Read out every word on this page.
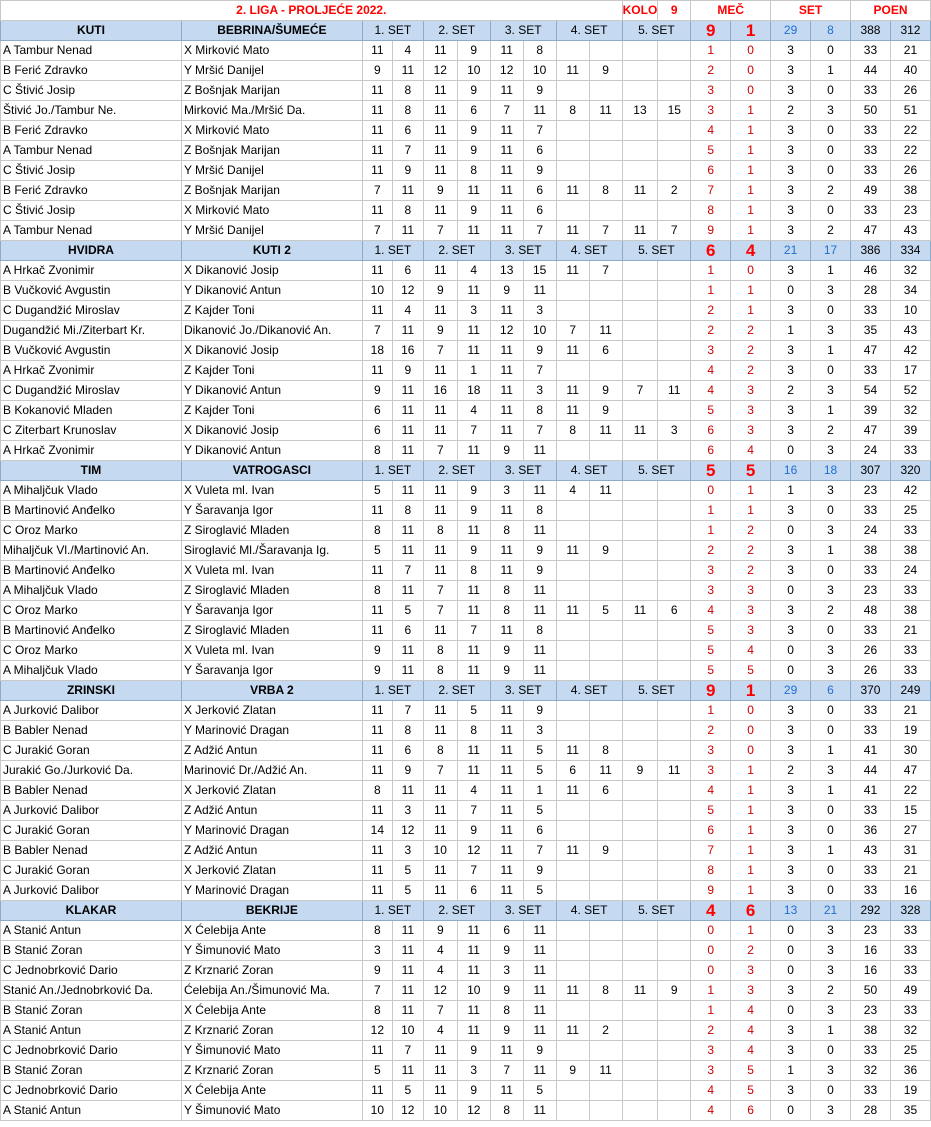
2. LIGA - PROLJEĆE 2022.										KOLO	9	MEČ		SET		POEN	
KUTI	BEBRINA/ŠUMEĆE	1. SET		2. SET		3. SET		4. SET		5. SET		9	1	29	8	388	312
A Tambur Nenad	X Mirković Mato	11	4	11	9	11	8					1	0	3	0	33	21
B Ferić Zdravko	Y Mršić Danijel	9	11	12	10	12	10	11	9			2	0	3	1	44	40
C Štivić Josip	Z Bošnjak Marijan	11	8	11	9	11	9					3	0	3	0	33	26
Štivić Jo./Tambur Ne.	Mirković Ma./Mršić Da.	11	8	11	6	7	11	8	11	13	15	3	1	2	3	50	51
B Ferić Zdravko	X Mirković Mato	11	6	11	9	11	7					4	1	3	0	33	22
A Tambur Nenad	Z Bošnjak Marijan	11	7	11	9	11	6					5	1	3	0	33	22
C Štivić Josip	Y Mršić Danijel	11	9	11	8	11	9					6	1	3	0	33	26
B Ferić Zdravko	Z Bošnjak Marijan	7	11	9	11	11	6	11	8	11	2	7	1	3	2	49	38
C Štivić Josip	X Mirković Mato	11	8	11	9	11	6					8	1	3	0	33	23
A Tambur Nenad	Y Mršić Danijel	7	11	7	11	11	7	11	7	11	7	9	1	3	2	47	43
HVIDRA	KUTI 2	1. SET		2. SET		3. SET		4. SET		5. SET		6	4	21	17	386	334
A Hrkač Zvonimir	X Dikanović Josip	11	6	11	4	13	15	11	7			1	0	3	1	46	32
B Vučković Avgustin	Y Dikanović Antun	10	12	9	11	9	11					1	1	0	3	28	34
C Dugandžić Miroslav	Z Kajder Toni	11	4	11	3	11	3					2	1	3	0	33	10
Dugandžić Mi./Ziterbart Kr.	Dikanović Jo./Dikanović An.	7	11	9	11	12	10	7	11			2	2	1	3	35	43
B Vučković Avgustin	X Dikanović Josip	18	16	7	11	11	9	11	6			3	2	3	1	47	42
A Hrkač Zvonimir	Z Kajder Toni	11	9	11	1	11	7					4	2	3	0	33	17
C Dugandžić Miroslav	Y Dikanović Antun	9	11	16	18	11	3	11	9	7	11	4	3	2	3	54	52
B Kokanović Mladen	Z Kajder Toni	6	11	11	4	11	8	11	9			5	3	3	1	39	32
C Ziterbart Krunoslav	X Dikanović Josip	6	11	11	7	11	7	8	11	11	3	6	3	3	2	47	39
A Hrkač Zvonimir	Y Dikanović Antun	8	11	7	11	9	11					6	4	0	3	24	33
TIM	VATROGASCI	1. SET		2. SET		3. SET		4. SET		5. SET		5	5	16	18	307	320
A Mihaljčuk Vlado	X Vuleta ml. Ivan	5	11	11	9	3	11	4	11			0	1	1	3	23	42
B Martinović Anđelko	Y Šaravanja Igor	11	8	11	9	11	8					1	1	3	0	33	25
C Oroz Marko	Z Siroglavić Mladen	8	11	8	11	8	11					1	2	0	3	24	33
Mihaljčuk Vl./Martinović An.	Siroglavić Ml./Šaravanja Ig.	5	11	11	9	11	9	11	9			2	2	3	1	38	38
B Martinović Anđelko	X Vuleta ml. Ivan	11	7	11	8	11	9					3	2	3	0	33	24
A Mihaljčuk Vlado	Z Siroglavić Mladen	8	11	7	11	8	11					3	3	0	3	23	33
C Oroz Marko	Y Šaravanja Igor	11	5	7	11	8	11	11	5	11	6	4	3	3	2	48	38
B Martinović Anđelko	Z Siroglavić Mladen	11	6	11	7	11	8					5	3	3	0	33	21
C Oroz Marko	X Vuleta ml. Ivan	9	11	8	11	9	11					5	4	0	3	26	33
A Mihaljčuk Vlado	Y Šaravanja Igor	9	11	8	11	9	11					5	5	0	3	26	33
ZRINSKI	VRBA 2	1. SET		2. SET		3. SET		4. SET		5. SET		9	1	29	6	370	249
A Jurković Dalibor	X Jerković Zlatan	11	7	11	5	11	9					1	0	3	0	33	21
B Babler Nenad	Y Marinović Dragan	11	8	11	8	11	3					2	0	3	0	33	19
C Jurakić Goran	Z Adžić Antun	11	6	8	11	11	5	11	8			3	0	3	1	41	30
Jurakić Go./Jurković Da.	Marinović Dr./Adžić An.	11	9	7	11	11	5	6	11	9	11	3	1	2	3	44	47
B Babler Nenad	X Jerković Zlatan	8	11	11	4	11	1	11	6			4	1	3	1	41	22
A Jurković Dalibor	Z Adžić Antun	11	3	11	7	11	5					5	1	3	0	33	15
C Jurakić Goran	Y Marinović Dragan	14	12	11	9	11	6					6	1	3	0	36	27
B Babler Nenad	Z Adžić Antun	11	3	10	12	11	7	11	9			7	1	3	1	43	31
C Jurakić Goran	X Jerković Zlatan	11	5	11	7	11	9					8	1	3	0	33	21
A Jurković Dalibor	Y Marinović Dragan	11	5	11	6	11	5					9	1	3	0	33	16
KLAKAR	BEKRIJE	1. SET		2. SET		3. SET		4. SET		5. SET		4	6	13	21	292	328
A Stanić Antun	X Ćelebija Ante	8	11	9	11	6	11					0	1	0	3	23	33
B Stanić Zoran	Y Šimunović Mato	3	11	4	11	9	11					0	2	0	3	16	33
C Jednobrković Dario	Z Krznarić Zoran	9	11	4	11	3	11					0	3	0	3	16	33
Stanić An./Jednobrković Da.	Ćelebija An./Šimunović Ma.	7	11	12	10	9	11	11	8	11	9	1	3	3	2	50	49
B Stanić Zoran	X Ćelebija Ante	8	11	7	11	8	11					1	4	0	3	23	33
A Stanić Antun	Z Krznarić Zoran	12	10	4	11	9	11	11	2			2	4	3	1	38	32
C Jednobrković Dario	Y Šimunović Mato	11	7	11	9	11	9					3	4	3	0	33	25
B Stanić Zoran	Z Krznarić Zoran	5	11	11	3	7	11	9	11			3	5	1	3	32	36
C Jednobrković Dario	X Ćelebija Ante	11	5	11	9	11	5					4	5	3	0	33	19
A Stanić Antun	Y Šimunović Mato	10	12	10	12	8	11					4	6	0	3	28	35
